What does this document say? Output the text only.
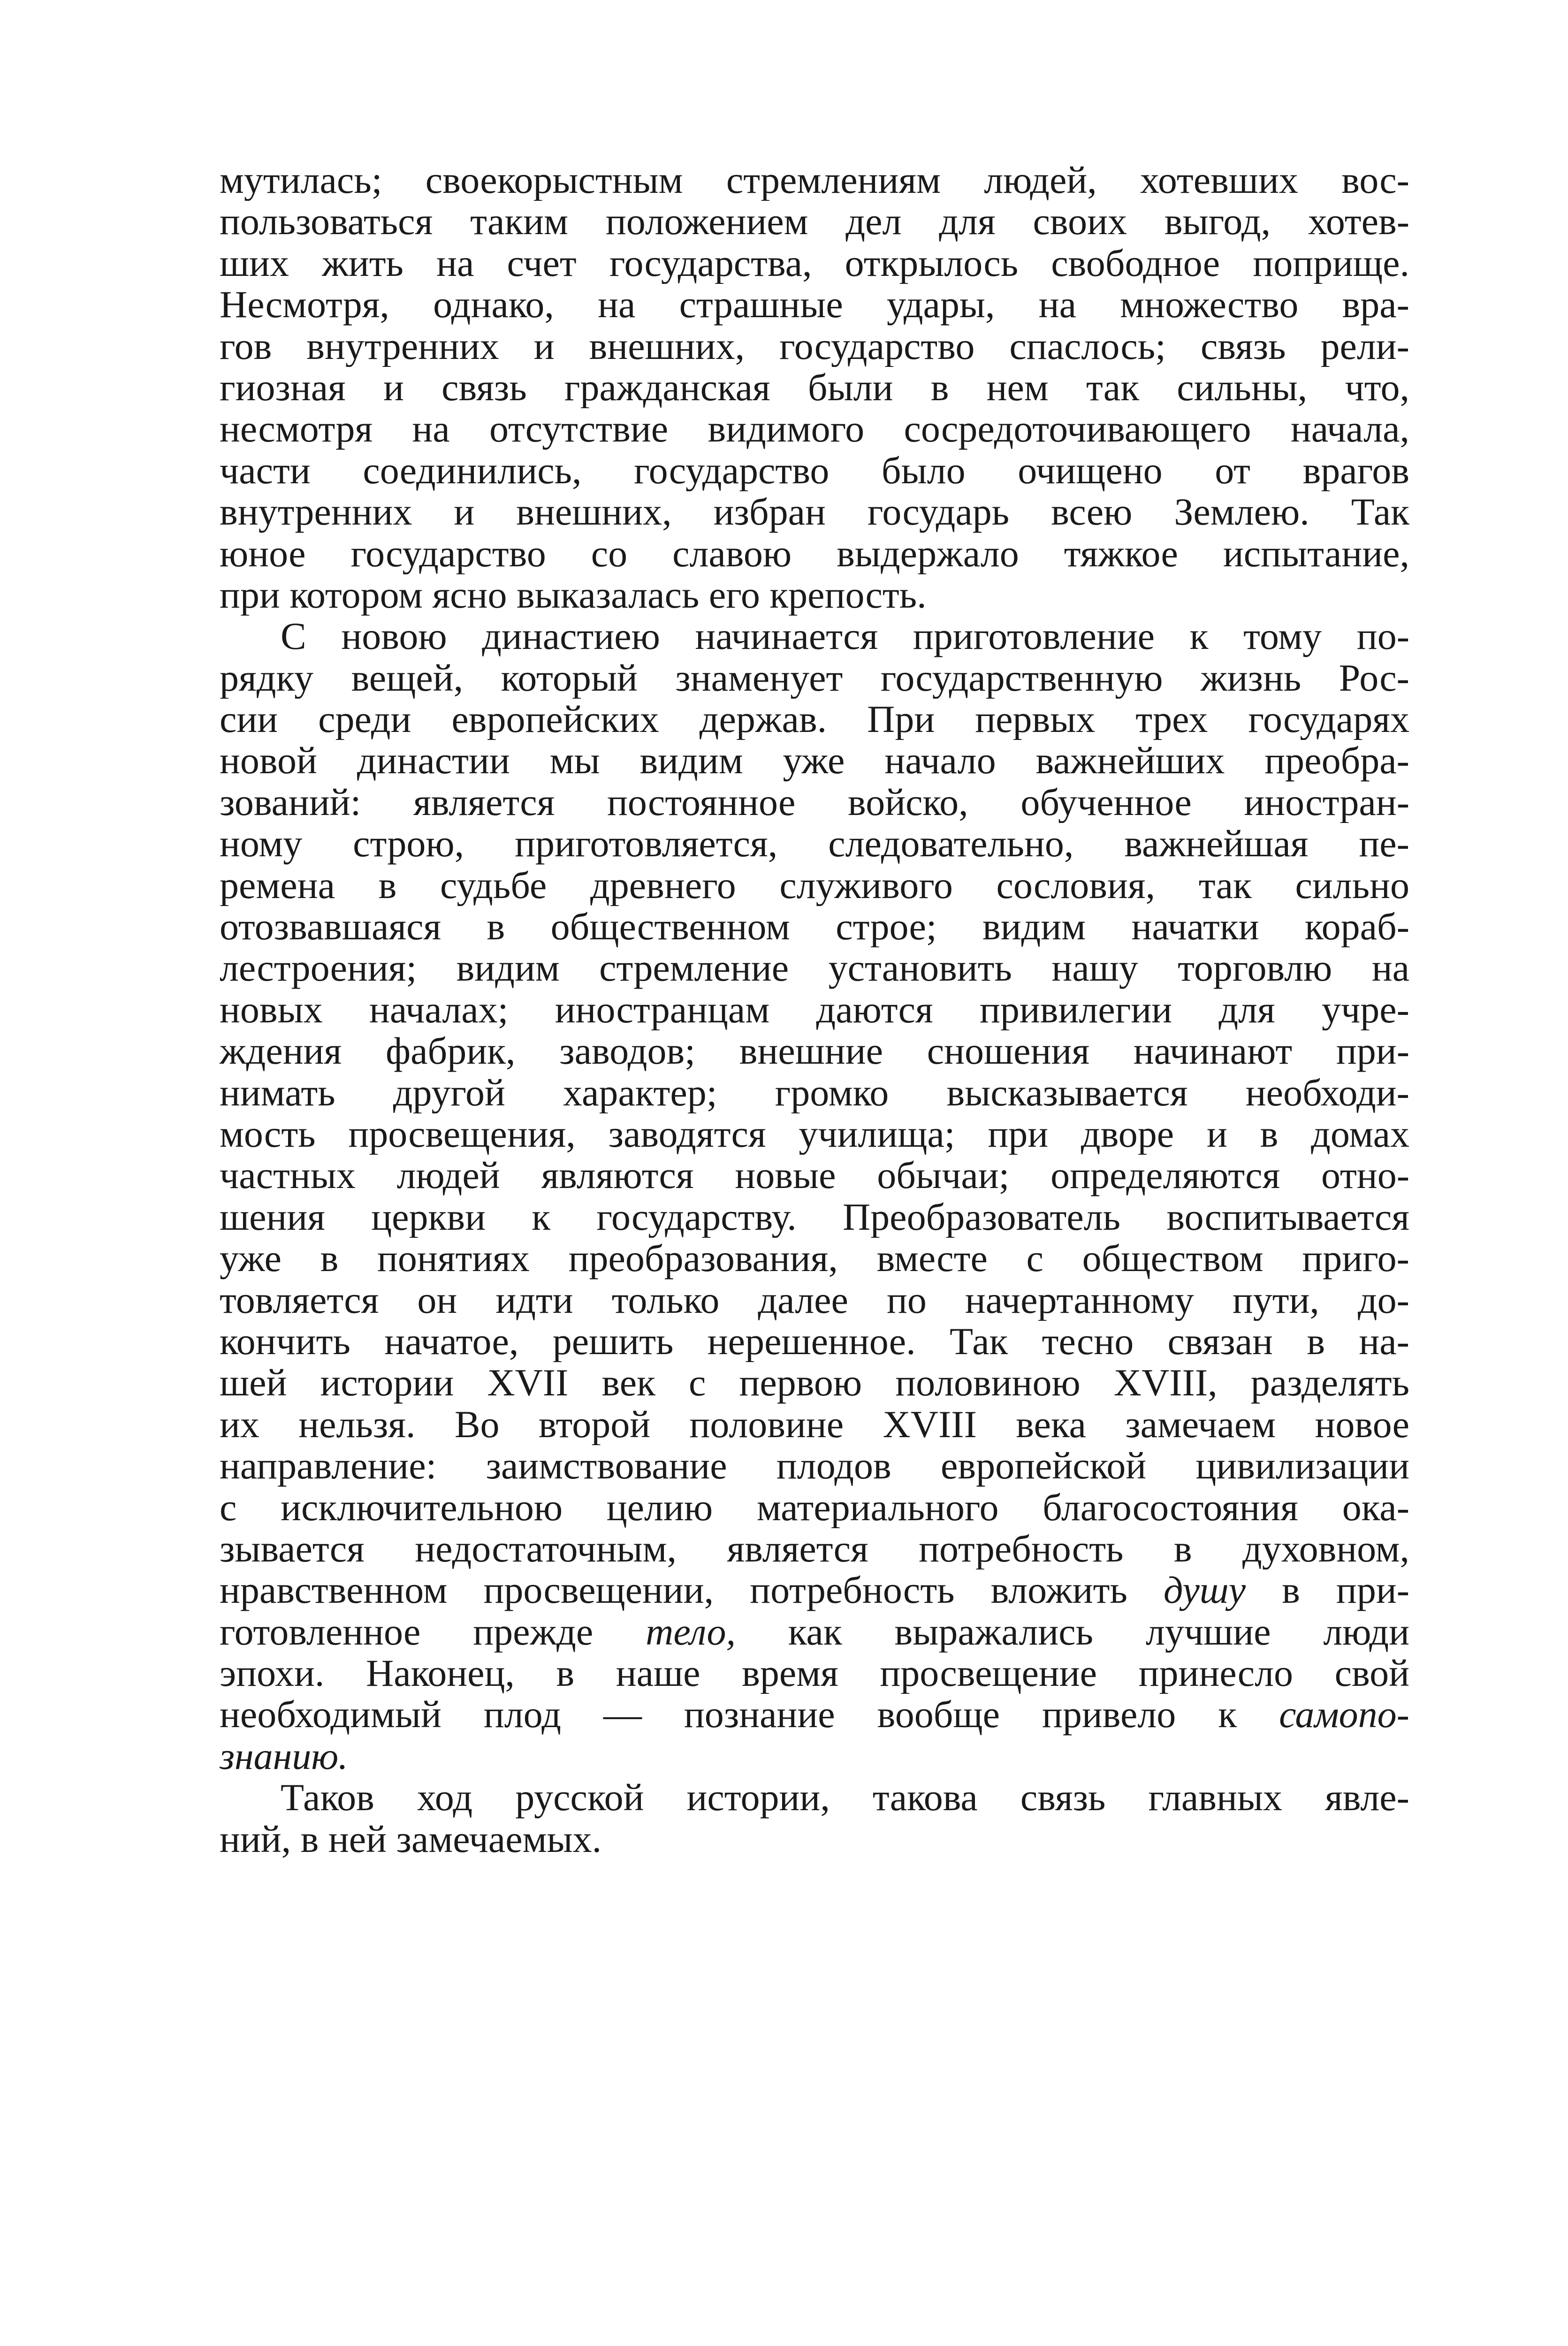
мутилась; своекорыстным стремлениям людей, хотевших вос-
пользоваться таким положением дел для своих выгод, хотев-
ших жить на счет государства, открылось свободное поприще.
Несмотря, однако, на страшные удары, на множество вра-
гов внутренних и внешних, государство спаслось; связь рели-
гиозная и связь гражданская были в нем так сильны, что,
несмотря на отсутствие видимого сосредоточивающего начала,
части соединились, государство было очищено от врагов
внутренних и внешних, избран государь всею Землею. Так
юное государство со славою выдержало тяжкое испытание,
при котором ясно выказалась его крепость.
С новою династиею начинается приготовление к тому по-
рядку вещей, который знаменует государственную жизнь Рос-
сии среди европейских держав. При первых трех государях
новой династии мы видим уже начало важнейших преобра-
зований: является постоянное войско, обученное иностран-
ному строю, приготовляется, следовательно, важнейшая пе-
ремена в судьбе древнего служивого сословия, так сильно
отозвавшаяся в общественном строе; видим начатки кораб-
лестроения; видим стремление установить нашу торговлю на
новых началах; иностранцам даются привилегии для учре-
ждения фабрик, заводов; внешние сношения начинают при-
нимать другой характер; громко высказывается необходи-
мость просвещения, заводятся училища; при дворе и в домах
частных людей являются новые обычаи; определяются отно-
шения церкви к государству. Преобразователь воспитывается
уже в понятиях преобразования, вместе с обществом приго-
товляется он идти только далее по начертанному пути, до-
кончить начатое, решить нерешенное. Так тесно связан в на-
шей истории XVII век с первою половиною XVIII, разделять
их нельзя. Во второй половине XVIII века замечаем новое
направление: заимствование плодов европейской цивилизации
с исключительною целию материального благосостояния ока-
зывается недостаточным, является потребность в духовном,
нравственном просвещении, потребность вложить душу в при-
готовленное прежде тело, как выражались лучшие люди
эпохи. Наконец, в наше время просвещение принесло свой
необходимый плод — познание вообще привело к самопо-
знанию.
Таков ход русской истории, такова связь главных явле-
ний, в ней замечаемых.
